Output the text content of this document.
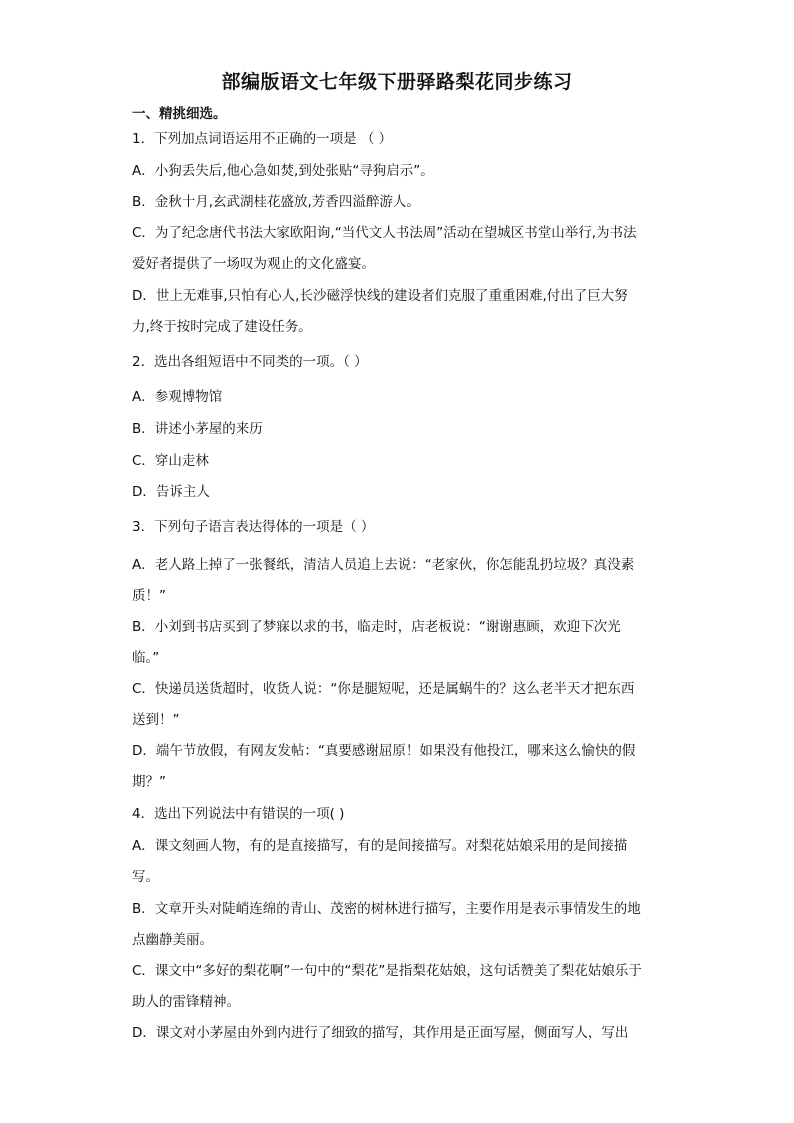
部编版语文七年级下册驿路梨花同步练习
一、精挑细选。
1．下列加点词语运用不正确的一项是 （ ）
A．小狗丢失后,他心急如焚,到处张贴“寻狗启示”。
B．金秋十月,玄武湖桂花盛放,芳香四溢醉游人。
C．为了纪念唐代书法大家欧阳询,“当代文人书法周”活动在望城区书堂山举行,为书法
爱好者提供了一场叹为观止的文化盛宴。
D．世上无难事,只怕有心人,长沙磁浮快线的建设者们克服了重重困难,付出了巨大努
力,终于按时完成了建设任务。
2．选出各组短语中不同类的一项。（ ）
A．参观博物馆
B．讲述小茅屋的来历
C．穿山走林
D．告诉主人
3．下列句子语言表达得体的一项是（ ）
A．老人路上掉了一张餐纸，清洁人员追上去说：“老家伙，你怎能乱扔垃圾？真没素
质！”
B．小刘到书店买到了梦寐以求的书，临走时，店老板说：“谢谢惠顾，欢迎下次光
临。”
C．快递员送货超时，收货人说：“你是腿短呢，还是属蜗牛的？这么老半天才把东西
送到！”
D．端午节放假，有网友发帖：“真要感谢屈原！如果没有他投江，哪来这么愉快的假
期？”
4．选出下列说法中有错误的一项( )
A．课文刻画人物，有的是直接描写，有的是间接描写。对梨花姑娘采用的是间接描
写。
B．文章开头对陡峭连绵的青山、茂密的树林进行描写，主要作用是表示事情发生的地
点幽静美丽。
C．课文中“多好的梨花啊”一句中的“梨花”是指梨花姑娘，这句话赞美了梨花姑娘乐于
助人的雷锋精神。
D．课文对小茅屋由外到内进行了细致的描写，其作用是正面写屋，侧面写人，写出
